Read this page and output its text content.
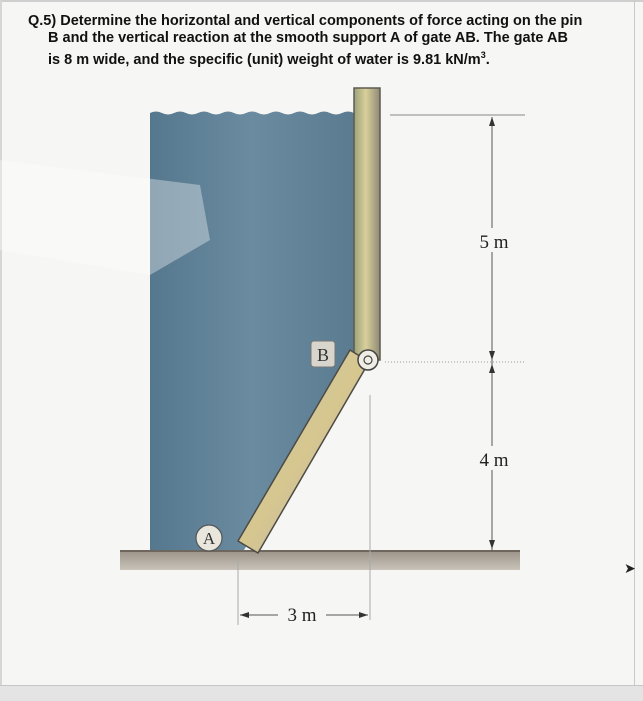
Q.5) Determine the horizontal and vertical components of force acting on the pin
B and the vertical reaction at the smooth support A of gate AB. The gate AB
is 8 m wide, and the specific (unit) weight of water is 9.81 $kN/m^3$.
A
B
5 m
4 m
3 m
➤
